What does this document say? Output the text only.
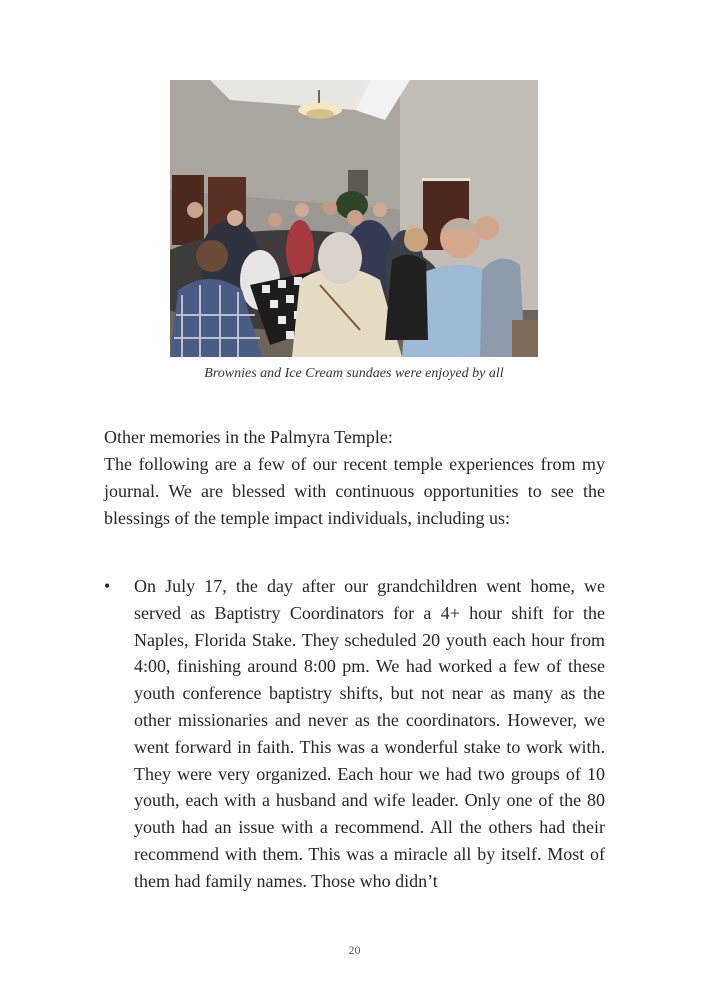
Brownies and Ice Cream sundaes were enjoyed by all
Other memories in the Palmyra Temple:
The following are a few of our recent temple experiences from my journal. We are blessed with continuous opportunities to see the blessings of the temple impact individuals, including us:
• On July 17, the day after our grandchildren went home, we served as Baptistry Coordinators for a 4+ hour shift for the Naples, Florida Stake. They scheduled 20 youth each hour from 4:00, finishing around 8:00 pm. We had worked a few of these youth conference baptistry shifts, but not near as many as the other missionaries and never as the coordinators. However, we went forward in faith. This was a wonderful stake to work with. They were very organized. Each hour we had two groups of 10 youth, each with a husband and wife leader. Only one of the 80 youth had an issue with a recommend. All the others had their recommend with them. This was a miracle all by itself. Most of them had family names. Those who didn’t
20
